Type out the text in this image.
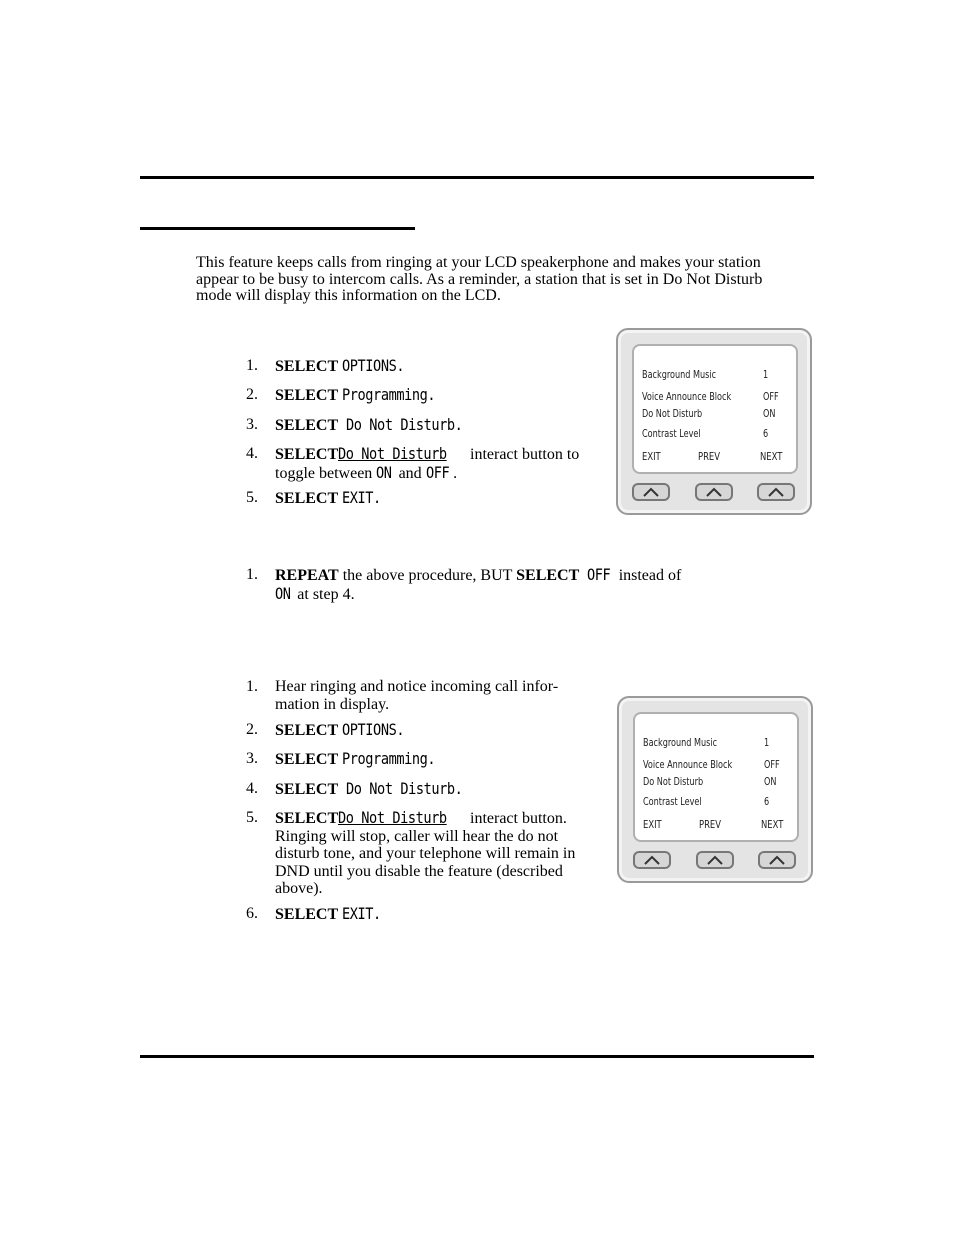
This feature keeps calls from ringing at your LCD speakerphone and makes your station appear to be busy to intercom calls. As a reminder, a station that is set in Do Not Disturb mode will display this information on the LCD.
1. SELECT OPTIONS.
2. SELECT Programming.
3. SELECT Do Not Disturb.
4. SELECTDo Not Disturb interact button to
toggle between ON and OFF .
5. SELECT EXIT.
1. REPEAT the above procedure, BUT SELECT OFF instead of
ON at step 4.
1. Hear ringing and notice incoming call infor-
mation in display.
2. SELECT OPTIONS.
3. SELECT Programming.
4. SELECT Do Not Disturb.
5. SELECTDo Not Disturb interact button.
Ringing will stop, caller will hear the do not
disturb tone, and your telephone will remain in
DND until you disable the feature (described
above).
6. SELECT EXIT.
Background Music	1
Voice Announce Block	OFF
Do Not Disturb	ON
Contrast Level	6
EXIT	PREV	NEXT
Background Music	1
Voice Announce Block	OFF
Do Not Disturb	ON
Contrast Level	6
EXIT	PREV	NEXT
